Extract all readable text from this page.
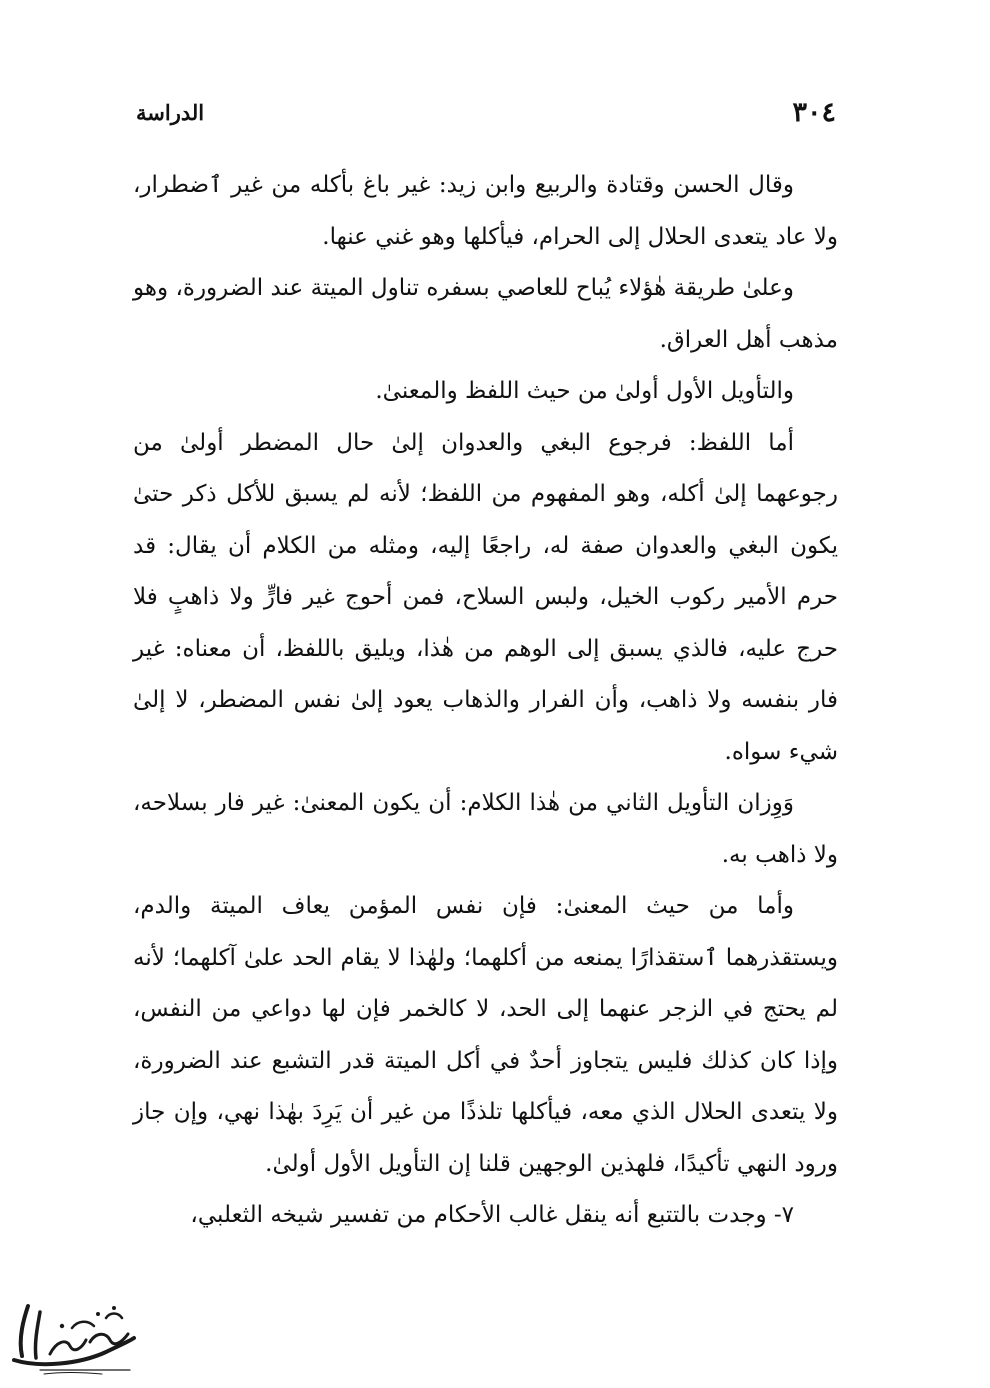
٣٠٤
الدراسة

وقال الحسن وقتادة والربيع وابن زيد: غير باغ بأكله من غير ٱضطرار، ولا عاد يتعدى الحلال إلى الحرام، فيأكلها وهو غني عنها.

وعلىٰ طريقة هٰؤلاء يُباح للعاصي بسفره تناول الميتة عند الضرورة، وهو مذهب أهل العراق.

والتأويل الأول أولىٰ من حيث اللفظ والمعنىٰ.

أما اللفظ: فرجوع البغي والعدوان إلىٰ حال المضطر أولىٰ من رجوعهما إلىٰ أكله، وهو المفهوم من اللفظ؛ لأنه لم يسبق للأكل ذكر حتىٰ يكون البغي والعدوان صفة له، راجعًا إليه، ومثله من الكلام أن يقال: قد حرم الأمير ركوب الخيل، ولبس السلاح، فمن أحوج غير فارٍّ ولا ذاهبٍ فلا حرج عليه، فالذي يسبق إلى الوهم من هٰذا، ويليق باللفظ، أن معناه: غير فار بنفسه ولا ذاهب، وأن الفرار والذهاب يعود إلىٰ نفس المضطر، لا إلىٰ شيء سواه.

وَوِزان التأويل الثاني من هٰذا الكلام: أن يكون المعنىٰ: غير فار بسلاحه، ولا ذاهب به.

وأما من حيث المعنىٰ: فإن نفس المؤمن يعاف الميتة والدم، ويستقذرهما ٱستقذارًا يمنعه من أكلهما؛ ولهٰذا لا يقام الحد علىٰ آكلهما؛ لأنه لم يحتج في الزجر عنهما إلى الحد، لا كالخمر فإن لها دواعي من النفس، وإذا كان كذلك فليس يتجاوز أحدٌ في أكل الميتة قدر التشبع عند الضرورة، ولا يتعدى الحلال الذي معه، فيأكلها تلذذًا من غير أن يَرِدَ بهٰذا نهي، وإن جاز ورود النهي تأكيدًا، فلهذين الوجهين قلنا إن التأويل الأول أولىٰ.

٧- وجدت بالتتبع أنه ينقل غالب الأحكام من تفسير شيخه الثعلبي،
